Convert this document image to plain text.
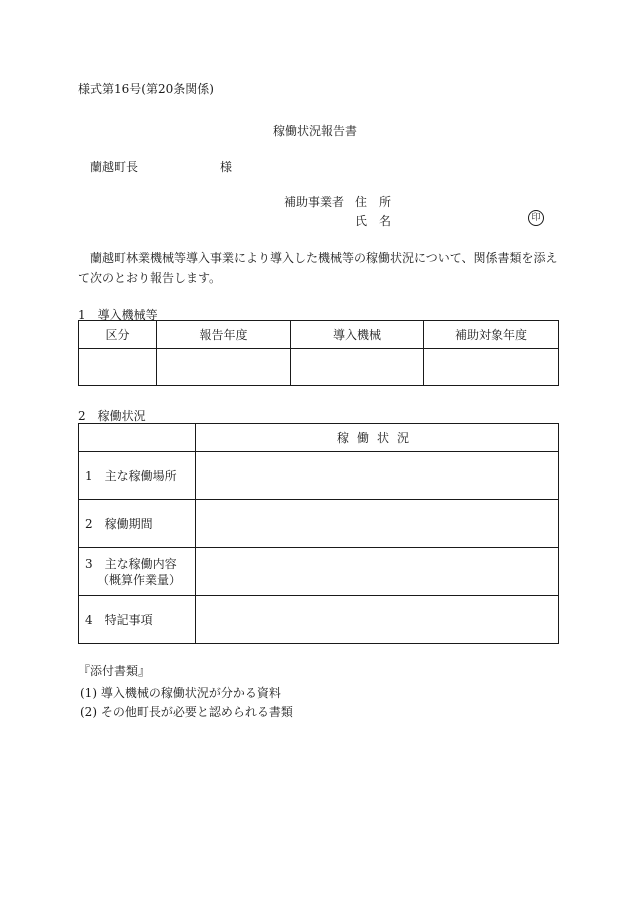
様式第16号(第20条関係)
稼働状況報告書
蘭越町長	様
補助事業者 住　所
氏　名	印
蘭越町林業機械等導入事業により導入した機械等の稼働状況について、関係書類を添えて次のとおり報告します。
1　導入機械等
区分	報告年度	導入機械	補助対象年度

2　稼働状況
	稼働状況

1　主な稼働場所	

2　稼働期間	

3　主な稼働内容
（概算作業量）	

4　特記事項	

『添付書類』
(1) 導入機械の稼働状況が分かる資料
(2) その他町長が必要と認められる書類
